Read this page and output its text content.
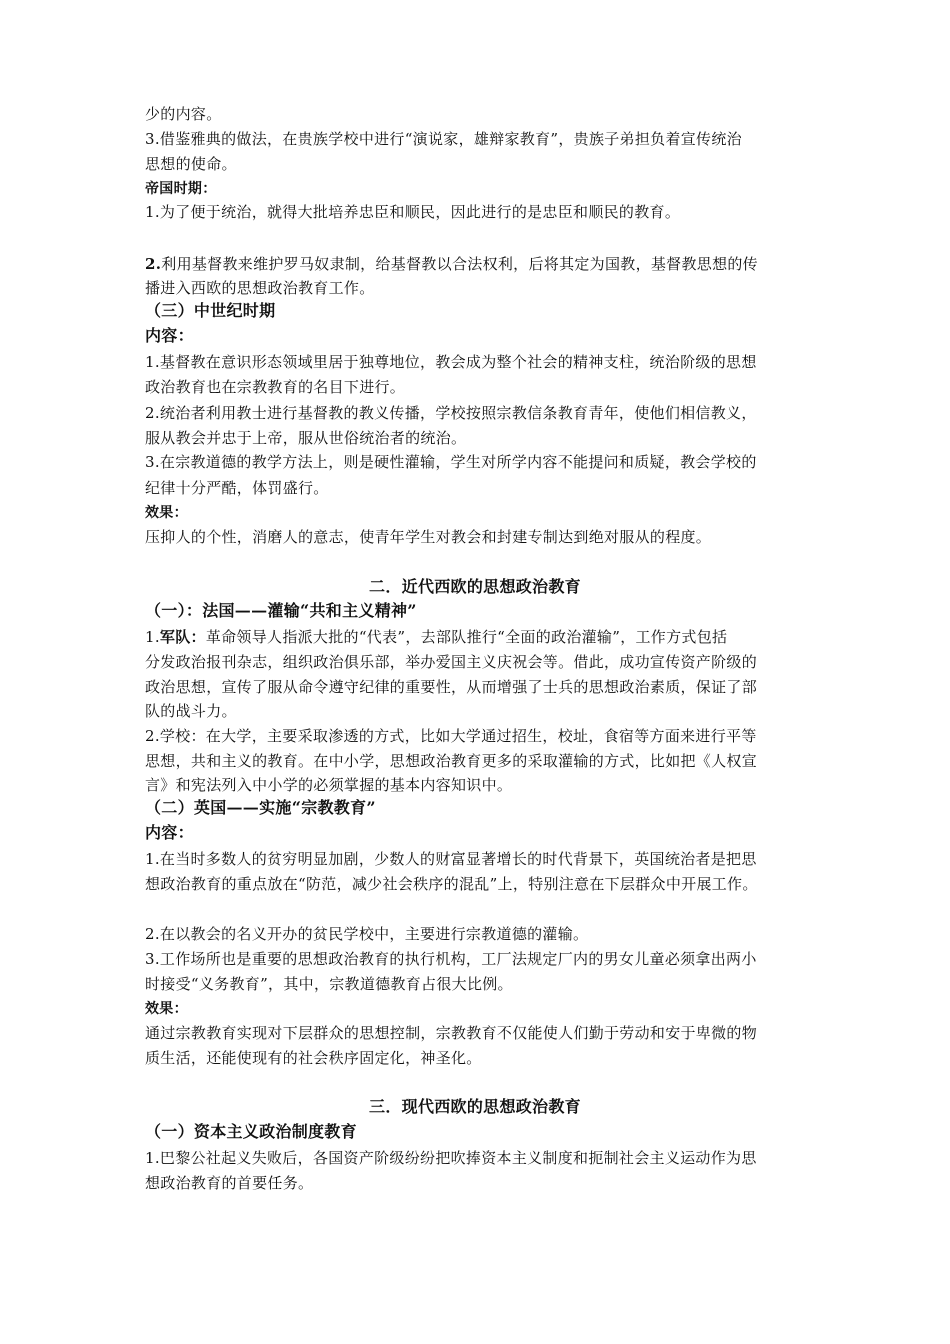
少的内容。
3.借鉴雅典的做法，在贵族学校中进行“演说家，雄辩家教育”，贵族子弟担负着宣传统治
思想的使命。
帝国时期：
1.为了便于统治，就得大批培养忠臣和顺民，因此进行的是忠臣和顺民的教育。
2.利用基督教来维护罗马奴隶制，给基督教以合法权利，后将其定为国教，基督教思想的传
播进入西欧的思想政治教育工作。
（三）中世纪时期
内容：
1.基督教在意识形态领域里居于独尊地位，教会成为整个社会的精神支柱，统治阶级的思想
政治教育也在宗教教育的名目下进行。
2.统治者利用教士进行基督教的教义传播，学校按照宗教信条教育青年，使他们相信教义，
服从教会并忠于上帝，服从世俗统治者的统治。
3.在宗教道德的教学方法上，则是硬性灌输，学生对所学内容不能提问和质疑，教会学校的
纪律十分严酷，体罚盛行。
效果：
压抑人的个性，消磨人的意志，使青年学生对教会和封建专制达到绝对服从的程度。
二．近代西欧的思想政治教育
（一）：法国——灌输“共和主义精神”
1.军队：革命领导人指派大批的“代表”，去部队推行“全面的政治灌输”，工作方式包括
分发政治报刊杂志，组织政治俱乐部，举办爱国主义庆祝会等。借此，成功宣传资产阶级的
政治思想，宣传了服从命令遵守纪律的重要性，从而增强了士兵的思想政治素质，保证了部
队的战斗力。
2.学校：在大学，主要采取渗透的方式，比如大学通过招生，校址，食宿等方面来进行平等
思想，共和主义的教育。在中小学，思想政治教育更多的采取灌输的方式，比如把《人权宣
言》和宪法列入中小学的必须掌握的基本内容知识中。
（二）英国——实施“宗教教育”
内容：
1.在当时多数人的贫穷明显加剧，少数人的财富显著增长的时代背景下，英国统治者是把思
想政治教育的重点放在“防范，减少社会秩序的混乱”上，特别注意在下层群众中开展工作。
2.在以教会的名义开办的贫民学校中，主要进行宗教道德的灌输。
3.工作场所也是重要的思想政治教育的执行机构，工厂法规定厂内的男女儿童必须拿出两小
时接受“义务教育”，其中，宗教道德教育占很大比例。
效果：
通过宗教教育实现对下层群众的思想控制，宗教教育不仅能使人们勤于劳动和安于卑微的物
质生活，还能使现有的社会秩序固定化，神圣化。
三．现代西欧的思想政治教育
（一）资本主义政治制度教育
1.巴黎公社起义失败后，各国资产阶级纷纷把吹捧资本主义制度和扼制社会主义运动作为思
想政治教育的首要任务。
